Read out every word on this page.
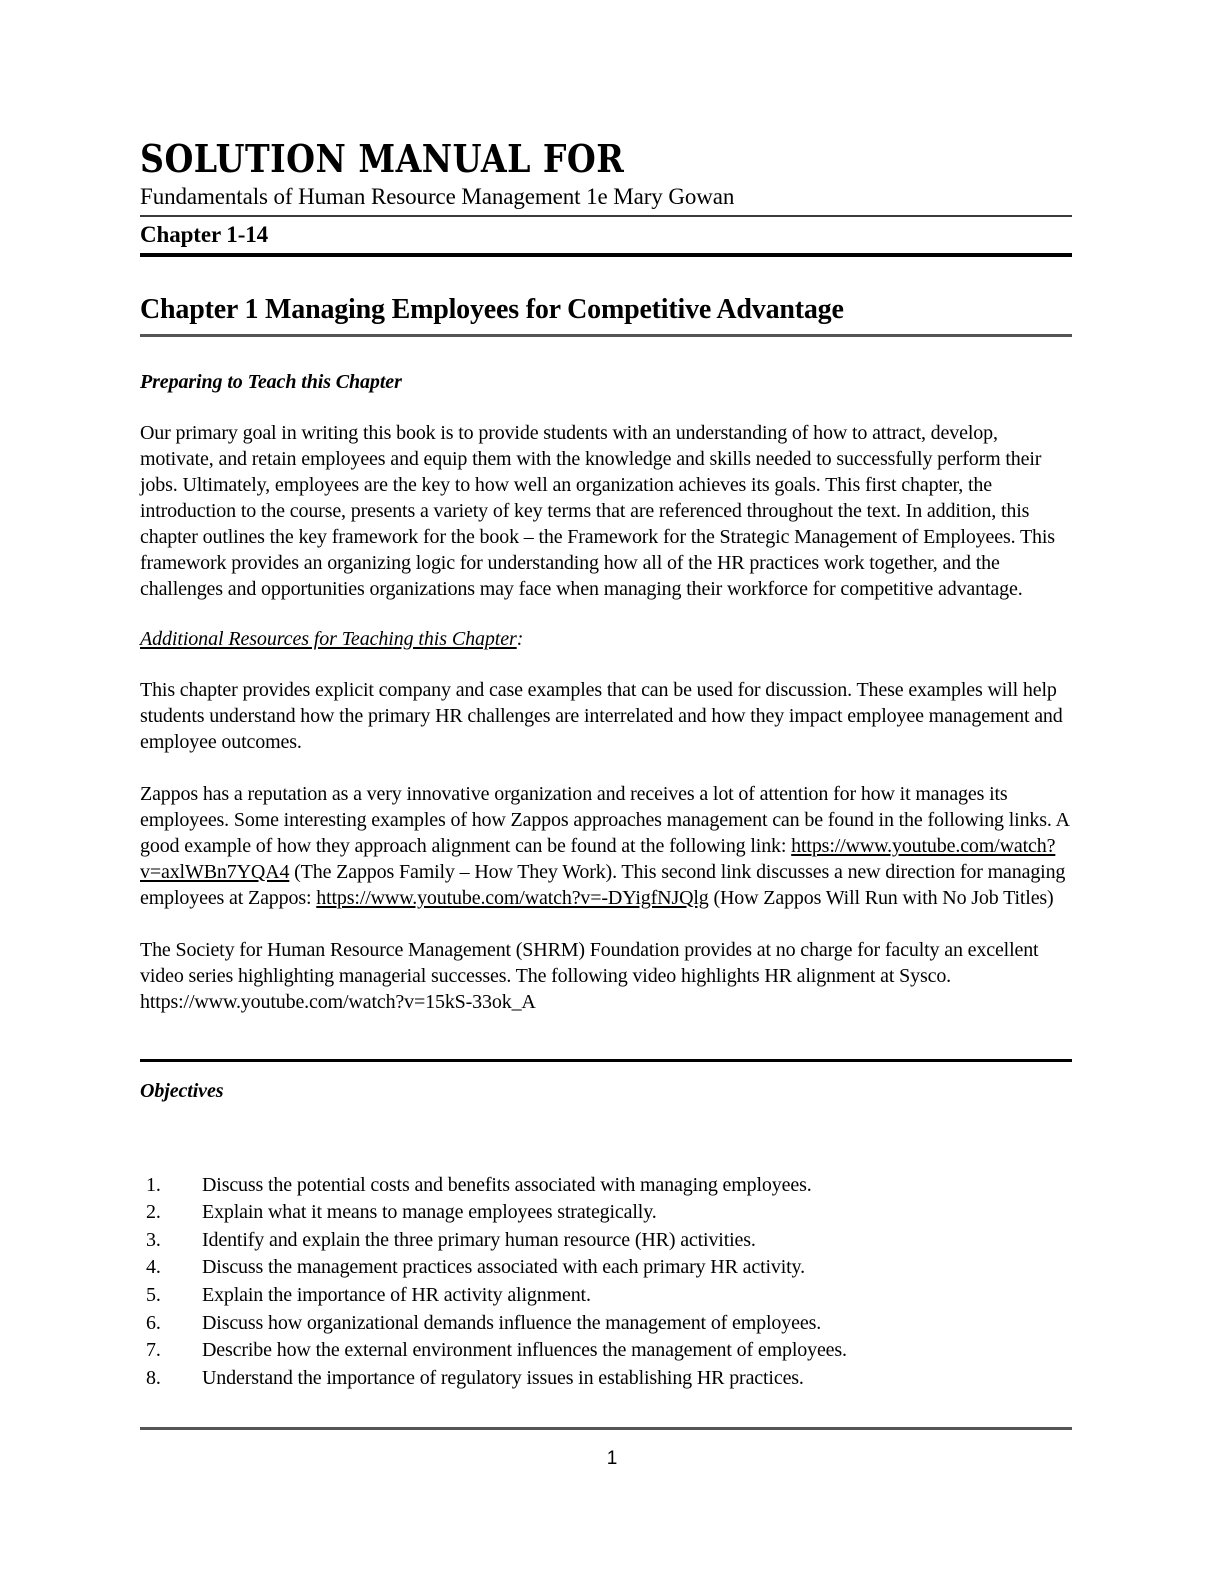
SOLUTION MANUAL FOR
Fundamentals of Human Resource Management 1e Mary Gowan
Chapter 1-14
Chapter 1 Managing Employees for Competitive Advantage
Preparing to Teach this Chapter

Our primary goal in writing this book is to provide students with an understanding of how to attract, develop, motivate, and retain employees and equip them with the knowledge and skills needed to successfully perform their jobs. Ultimately, employees are the key to how well an organization achieves its goals. This first chapter, the introduction to the course, presents a variety of key terms that are referenced throughout the text. In addition, this chapter outlines the key framework for the book – the Framework for the Strategic Management of Employees. This framework provides an organizing logic for understanding how all of the HR practices work together, and the challenges and opportunities organizations may face when managing their workforce for competitive advantage.

Additional Resources for Teaching this Chapter:

This chapter provides explicit company and case examples that can be used for discussion. These examples will help students understand how the primary HR challenges are interrelated and how they impact employee management and employee outcomes.

Zappos has a reputation as a very innovative organization and receives a lot of attention for how it manages its employees. Some interesting examples of how Zappos approaches management can be found in the following links. A good example of how they approach alignment can be found at the following link: https://www.youtube.com/watch?v=axlWBn7YQA4 (The Zappos Family – How They Work). This second link discusses a new direction for managing employees at Zappos: https://www.youtube.com/watch?v=-DYigfNJQlg (How Zappos Will Run with No Job Titles)

The Society for Human Resource Management (SHRM) Foundation provides at no charge for faculty an excellent video series highlighting managerial successes. The following video highlights HR alignment at Sysco. https://www.youtube.com/watch?v=15kS-33ok_A

Objectives
1.	Discuss the potential costs and benefits associated with managing employees.
2.	Explain what it means to manage employees strategically.
3.	Identify and explain the three primary human resource (HR) activities.
4.	Discuss the management practices associated with each primary HR activity.
5.	Explain the importance of HR activity alignment.
6.	Discuss how organizational demands influence the management of employees.
7.	Describe how the external environment influences the management of employees.
8.	Understand the importance of regulatory issues in establishing HR practices.
1
